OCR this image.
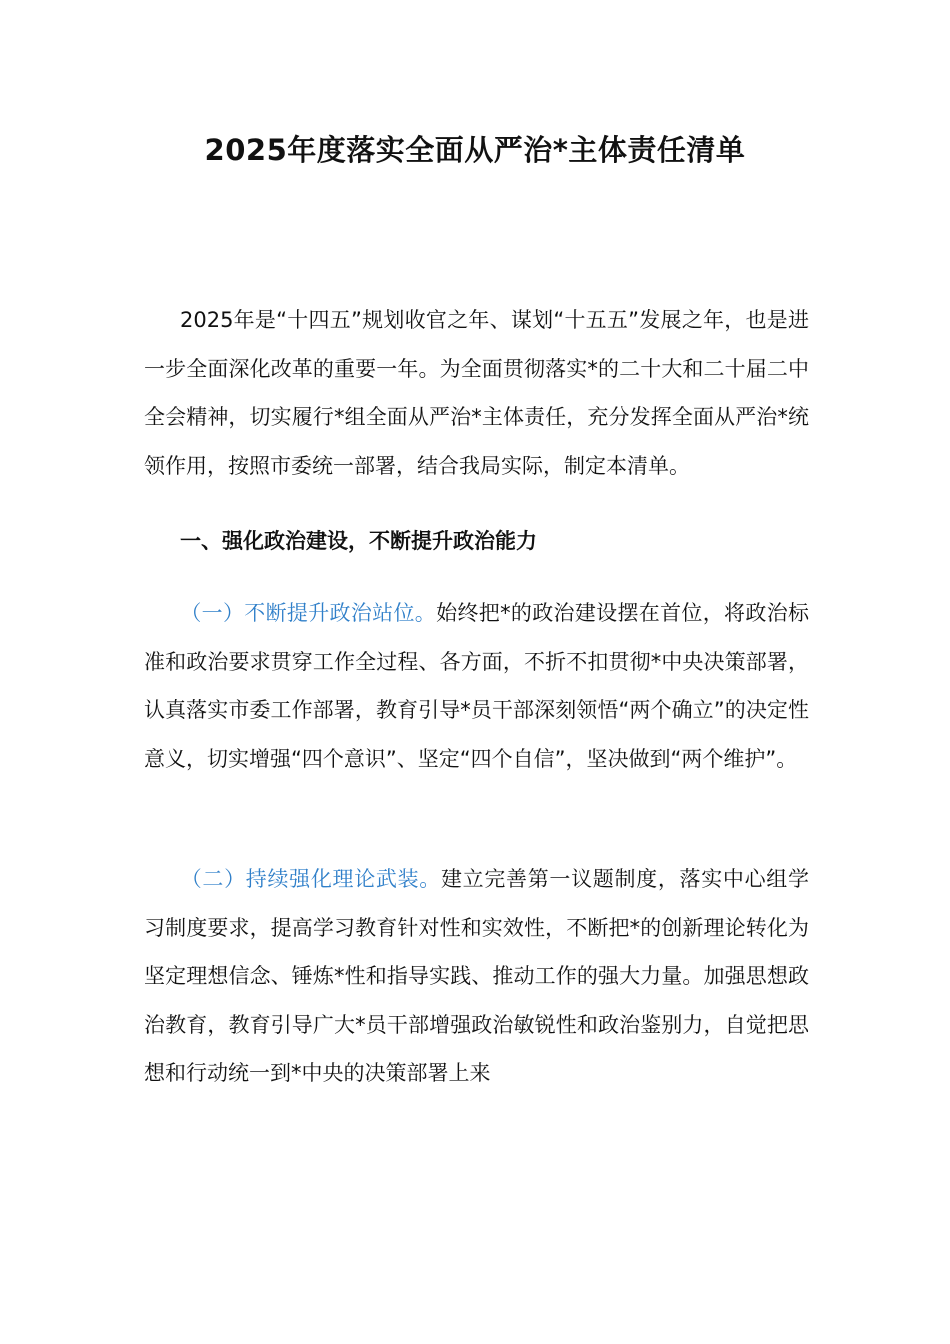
2025年度落实全面从严治*主体责任清单
2025年是“十四五”规划收官之年、谋划“十五五”发展之年，也是进一步全面深化改革的重要一年。为全面贯彻落实*的二十大和二十届二中全会精神，切实履行*组全面从严治*主体责任，充分发挥全面从严治*统领作用，按照市委统一部署，结合我局实际，制定本清单。
一、强化政治建设，不断提升政治能力
（一）不断提升政治站位。始终把*的政治建设摆在首位，将政治标准和政治要求贯穿工作全过程、各方面，不折不扣贯彻*中央决策部署，认真落实市委工作部署，教育引导*员干部深刻领悟“两个确立”的决定性意义，切实增强“四个意识”、坚定“四个自信”，坚决做到“两个维护”。
（二）持续强化理论武装。建立完善第一议题制度，落实中心组学习制度要求，提高学习教育针对性和实效性，不断把*的创新理论转化为坚定理想信念、锤炼*性和指导实践、推动工作的强大力量。加强思想政治教育，教育引导广大*员干部增强政治敏锐性和政治鉴别力，自觉把思想和行动统一到*中央的决策部署上来
